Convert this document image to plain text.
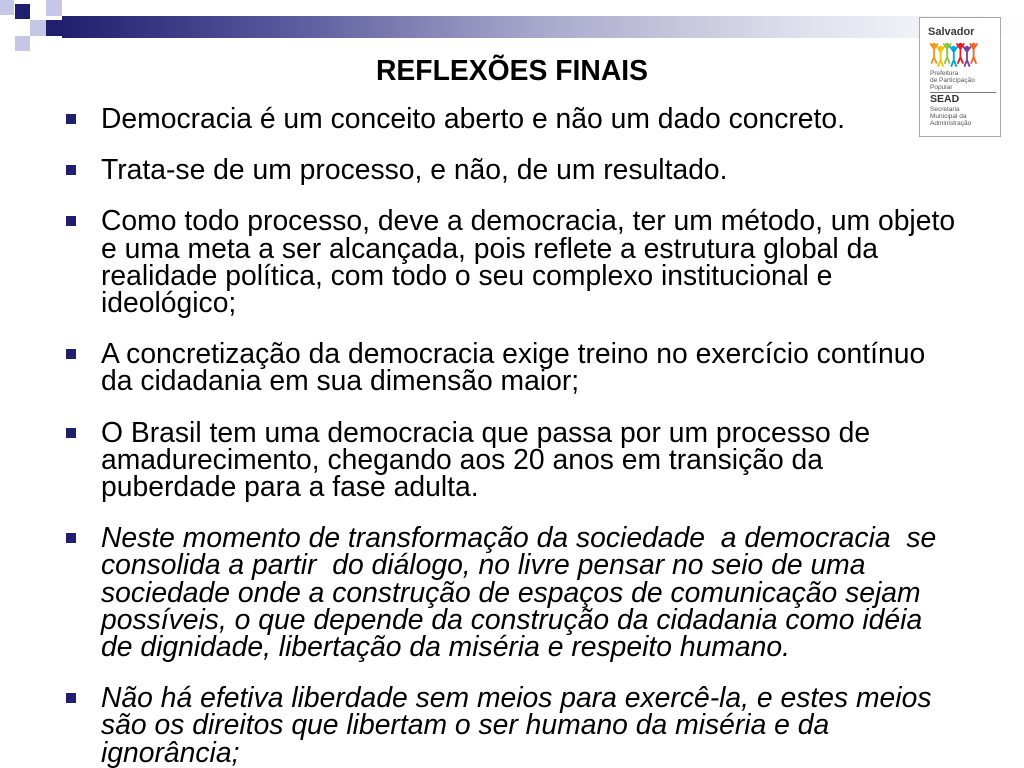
Salvador
Prefeitura
de Participação
Popular
SEAD
Secretaria
Municipal da
Administração
REFLEXÕES FINAIS
Democracia é um conceito aberto e não um dado concreto.
Trata-se de um processo, e não, de um resultado.
Como todo processo, deve a democracia, ter um método, um objeto
e uma meta a ser alcançada, pois reflete a estrutura global da
realidade política, com todo o seu complexo institucional e
ideológico;
A concretização da democracia exige treino no exercício contínuo
da cidadania em sua dimensão maior;
O Brasil tem uma democracia que passa por um processo de
amadurecimento, chegando aos 20 anos em transição da
puberdade para a fase adulta.
Neste momento de transformação da sociedade  a democracia  se
consolida a partir  do diálogo, no livre pensar no seio de uma
sociedade onde a construção de espaços de comunicação sejam
possíveis, o que depende da construção da cidadania como idéia
de dignidade, libertação da miséria e respeito humano.
Não há efetiva liberdade sem meios para exercê-la, e estes meios
são os direitos que libertam o ser humano da miséria e da
ignorância;
